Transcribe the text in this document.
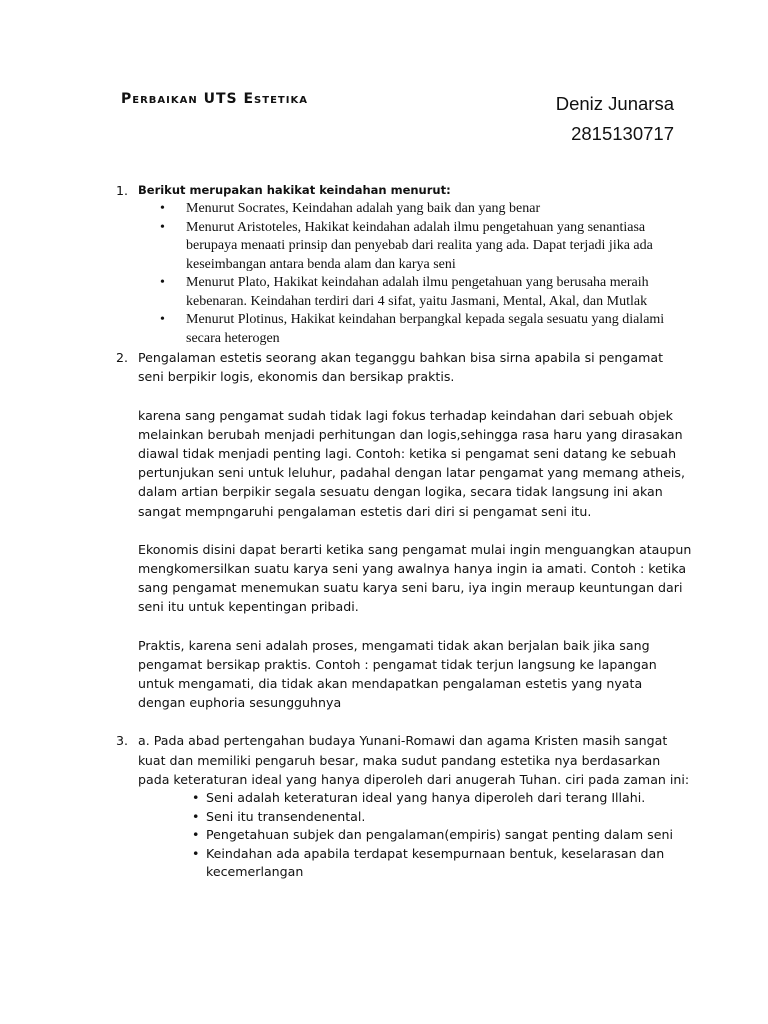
Perbaikan UTS Estetika	Deniz Junarsa
2815130717
1. Berikut merupakan hakikat keindahan menurut:
• Menurut Socrates, Keindahan adalah yang baik dan yang benar
• Menurut Aristoteles, Hakikat keindahan adalah ilmu pengetahuan yang senantiasa berupaya menaati prinsip dan penyebab dari realita yang ada. Dapat terjadi jika ada keseimbangan antara benda alam dan karya seni
• Menurut Plato, Hakikat keindahan adalah ilmu pengetahuan yang berusaha meraih kebenaran. Keindahan terdiri dari 4 sifat, yaitu Jasmani, Mental, Akal, dan Mutlak
• Menurut Plotinus, Hakikat keindahan berpangkal kepada segala sesuatu yang dialami secara heterogen
2. Pengalaman estetis seorang akan teganggu bahkan bisa sirna apabila si pengamat seni berpikir logis, ekonomis dan bersikap praktis.

karena sang pengamat sudah tidak lagi fokus terhadap keindahan dari sebuah objek melainkan berubah menjadi perhitungan dan logis,sehingga rasa haru yang dirasakan diawal tidak menjadi penting lagi. Contoh: ketika si pengamat seni datang ke sebuah pertunjukan seni untuk leluhur, padahal dengan latar pengamat yang memang atheis, dalam artian berpikir segala sesuatu dengan logika, secara tidak langsung ini akan sangat mempngaruhi pengalaman estetis dari diri si pengamat seni itu.

Ekonomis disini dapat berarti ketika sang pengamat mulai ingin menguangkan ataupun mengkomersilkan suatu karya seni yang awalnya hanya ingin ia amati. Contoh : ketika sang pengamat menemukan suatu karya seni baru, iya ingin meraup keuntungan dari seni itu untuk kepentingan pribadi.

Praktis, karena seni adalah proses, mengamati tidak akan berjalan baik jika sang pengamat bersikap praktis. Contoh : pengamat tidak terjun langsung ke lapangan untuk mengamati, dia tidak akan mendapatkan pengalaman estetis yang nyata dengan euphoria sesungguhnya

3. a. Pada abad pertengahan budaya Yunani-Romawi dan agama Kristen masih sangat kuat dan memiliki pengaruh besar, maka sudut pandang estetika nya berdasarkan pada keteraturan ideal yang hanya diperoleh dari anugerah Tuhan. ciri pada zaman ini:

• Seni adalah keteraturan ideal yang hanya diperoleh dari terang Illahi.
• Seni itu transendenental.
• Pengetahuan subjek dan pengalaman(empiris) sangat penting dalam seni
• Keindahan ada apabila terdapat kesempurnaan bentuk, keselarasan dan kecemerlangan
